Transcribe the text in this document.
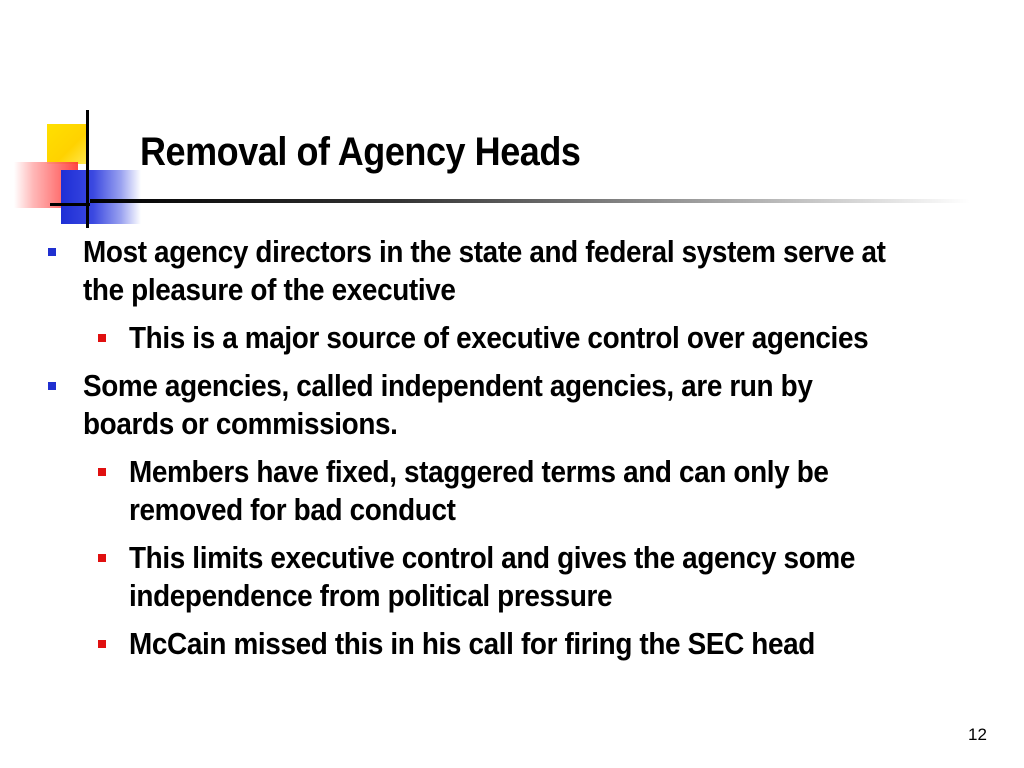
Removal of Agency Heads
Most agency directors in the state and federal system serve at the pleasure of the executive
This is a major source of executive control over agencies
Some agencies, called independent agencies, are run by boards or commissions.
Members have fixed, staggered terms and can only be removed for bad conduct
This limits executive control and gives the agency some independence from political pressure
McCain missed this in his call for firing the SEC head
12
